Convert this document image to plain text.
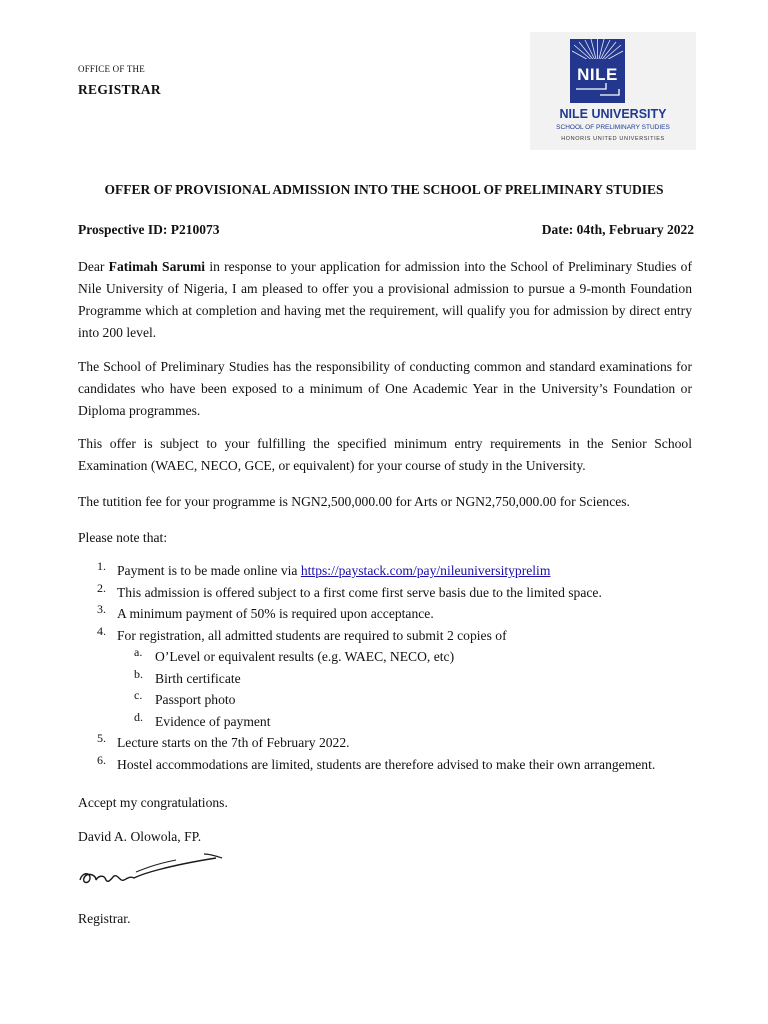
OFFICE OF THE
REGISTRAR
NILE
NILE UNIVERSITY
SCHOOL OF PRELIMINARY STUDIES
HONORIS UNITED UNIVERSITIES
OFFER OF PROVISIONAL ADMISSION INTO THE SCHOOL OF PRELIMINARY STUDIES
Prospective ID: P210073	Date: 04th, February 2022
Dear Fatimah Sarumi in response to your application for admission into the School of Preliminary Studies of Nile University of Nigeria, I am pleased to offer you a provisional admission to pursue a 9-month Foundation Programme which at completion and having met the requirement, will qualify you for admission by direct entry into 200 level.
The School of Preliminary Studies has the responsibility of conducting common and standard examinations for candidates who have been exposed to a minimum of One Academic Year in the University’s Foundation or Diploma programmes.
This offer is subject to your fulfilling the specified minimum entry requirements in the Senior School Examination (WAEC, NECO, GCE, or equivalent) for your course of study in the University.
The tutition fee for your programme is NGN2,500,000.00 for Arts or NGN2,750,000.00 for Sciences.
Please note that:
1. Payment is to be made online via https://paystack.com/pay/nileuniversityprelim
2. This admission is offered subject to a first come first serve basis due to the limited space.
3. A minimum payment of 50% is required upon acceptance.
4. For registration, all admitted students are required to submit 2 copies of
a. O’Level or equivalent results (e.g. WAEC, NECO, etc)
b. Birth certificate
c. Passport photo
d. Evidence of payment
5. Lecture starts on the 7th of February 2022.
6. Hostel accommodations are limited, students are therefore advised to make their own arrangement.
Accept my congratulations.
David A. Olowola, FP.
Registrar.
